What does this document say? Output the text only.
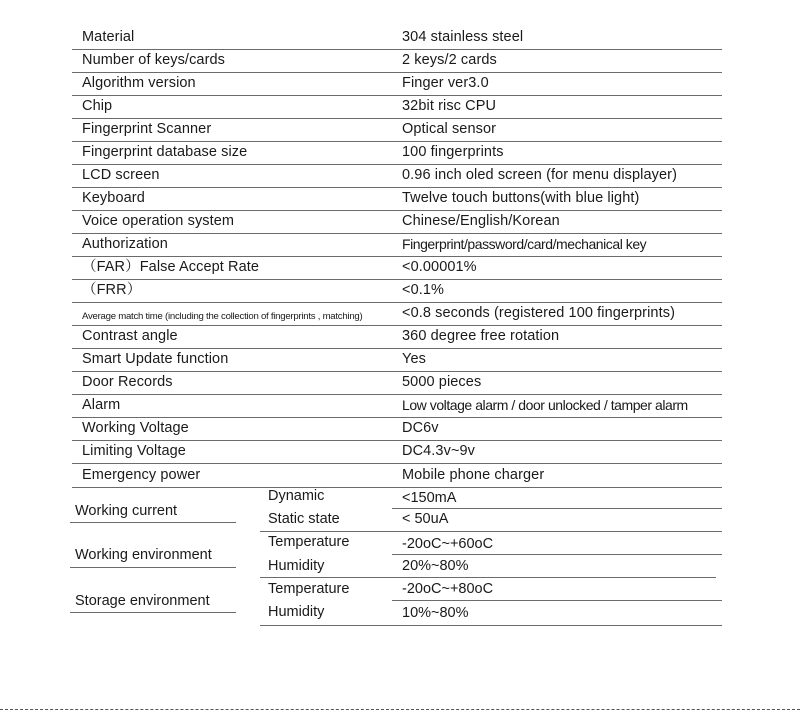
Material	304 stainless steel
Number of keys/cards	2 keys/2 cards
Algorithm version	Finger ver3.0
Chip	32bit risc CPU
Fingerprint Scanner	Optical sensor
Fingerprint database size	100 fingerprints
LCD screen	0.96 inch oled screen (for menu displayer)
Keyboard	Twelve touch buttons(with blue light)
Voice operation system	Chinese/English/Korean
Authorization	Fingerprint/password/card/mechanical key
（FAR）False Accept Rate	<0.00001%
（FRR）	<0.1%
Average match time (including the collection of fingerprints , matching)	<0.8 seconds (registered 100 fingerprints)
Contrast angle	360 degree free rotation
Smart Update function	Yes
Door Records	5000 pieces
Alarm	Low voltage alarm / door unlocked / tamper alarm
Working Voltage	DC6v
Limiting Voltage	DC4.3v~9v
Emergency power	Mobile phone charger
Working current
Dynamic	<150mA
Static state	< 50uA
Working environment
Temperature	-20oC~+60oC
Humidity	20%~80%
Storage environment
Temperature	-20oC~+80oC
Humidity	10%~80%
